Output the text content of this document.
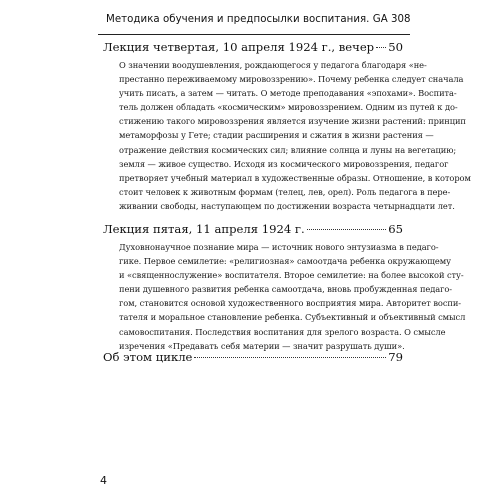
Методика обучения и предпосылки воспитания. GA 308
Лекция четвертая, 10 апреля 1924 г., вечер 50
О значении воодушевления, рождающегося у педагога благодаря «не-
престанно переживаемому мировоззрению». Почему ребенка следует сначала
учить писать, а затем — читать. О методе преподавания «эпохами». Воспита-
тель должен обладать «космическим» мировоззрением. Одним из путей к до-
стижению такого мировоззрения является изучение жизни растений: принцип
метаморфозы у Гете; стадии расширения и сжатия в жизни растения —
отражение действия космических сил; влияние солнца и луны на вегетацию;
земля — живое существо. Исходя из космического мировоззрения, педагог
претворяет учебный материал в художественные образы. Отношение, в котором
стоит человек к животным формам (телец, лев, орел). Роль педагога в пере-
живании свободы, наступающем по достижении возраста четырнадцати лет.
Лекция пятая, 11 апреля 1924 г.	65
Духовнонаучное познание мира — источник нового энтузиазма в педаго-
гике. Первое семилетие: «религиозная» самоотдача ребенка окружающему
и «священнослужение» воспитателя. Второе семилетие: на более высокой сту-
пени душевного развития ребенка самоотдача, вновь пробужденная педаго-
гом, становится основой художественного восприятия мира. Авторитет воспи-
тателя и моральное становление ребенка. Субъективный и объективный смысл
самовоспитания. Последствия воспитания для зрелого возраста. О смысле
изречения «Предавать себя материи — значит разрушать души».
Об этом цикле	79
4
